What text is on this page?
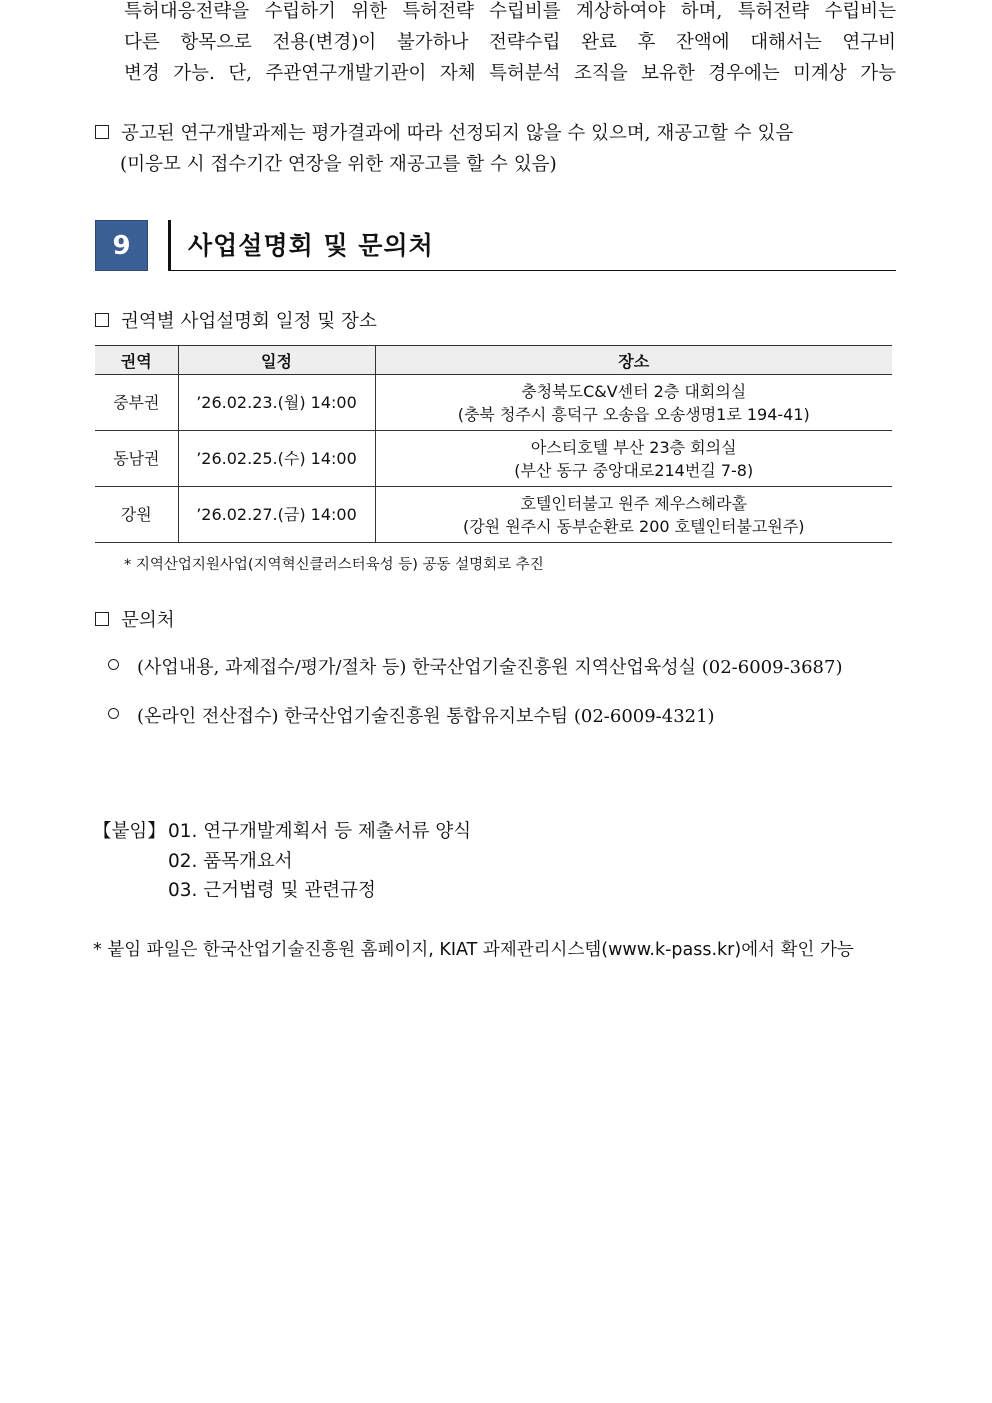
특허대응전략을 수립하기 위한 특허전략 수립비를 계상하여야 하며, 특허전략 수립비는
다른 항목으로 전용(변경)이 불가하나 전략수립 완료 후 잔액에 대해서는 연구비
변경 가능. 단, 주관연구개발기관이 자체 특허분석 조직을 보유한 경우에는 미계상 가능
공고된 연구개발과제는 평가결과에 따라 선정되지 않을 수 있으며, 재공고할 수 있음
(미응모 시 접수기간 연장을 위한 재공고를 할 수 있음)
9	사업설명회 및 문의처
권역별 사업설명회 일정 및 장소
권역	일정	장소
중부권	’26.02.23.(월) 14:00	충청북도C&V센터 2층 대회의실
(충북 청주시 흥덕구 오송읍 오송생명1로 194-41)

동남권	’26.02.25.(수) 14:00	아스티호텔 부산 23층 회의실
(부산 동구 중앙대로214번길 7-8)

강원	’26.02.27.(금) 14:00	호텔인터불고 원주 제우스헤라홀
(강원 원주시 동부순환로 200 호텔인터불고원주)
* 지역산업지원사업(지역혁신클러스터육성 등) 공동 설명회로 추진
문의처
(사업내용, 과제접수/평가/절차 등) 한국산업기술진흥원 지역산업육성실 (02-6009-3687)
(온라인 전산접수) 한국산업기술진흥원 통합유지보수팀 (02-6009-4321)
【붙임】 01. 연구개발계획서 등 제출서류 양식
02. 품목개요서
03. 근거법령 및 관련규정
* 붙임 파일은 한국산업기술진흥원 홈페이지, KIAT 과제관리시스템(www.k-pass.kr)에서 확인 가능
